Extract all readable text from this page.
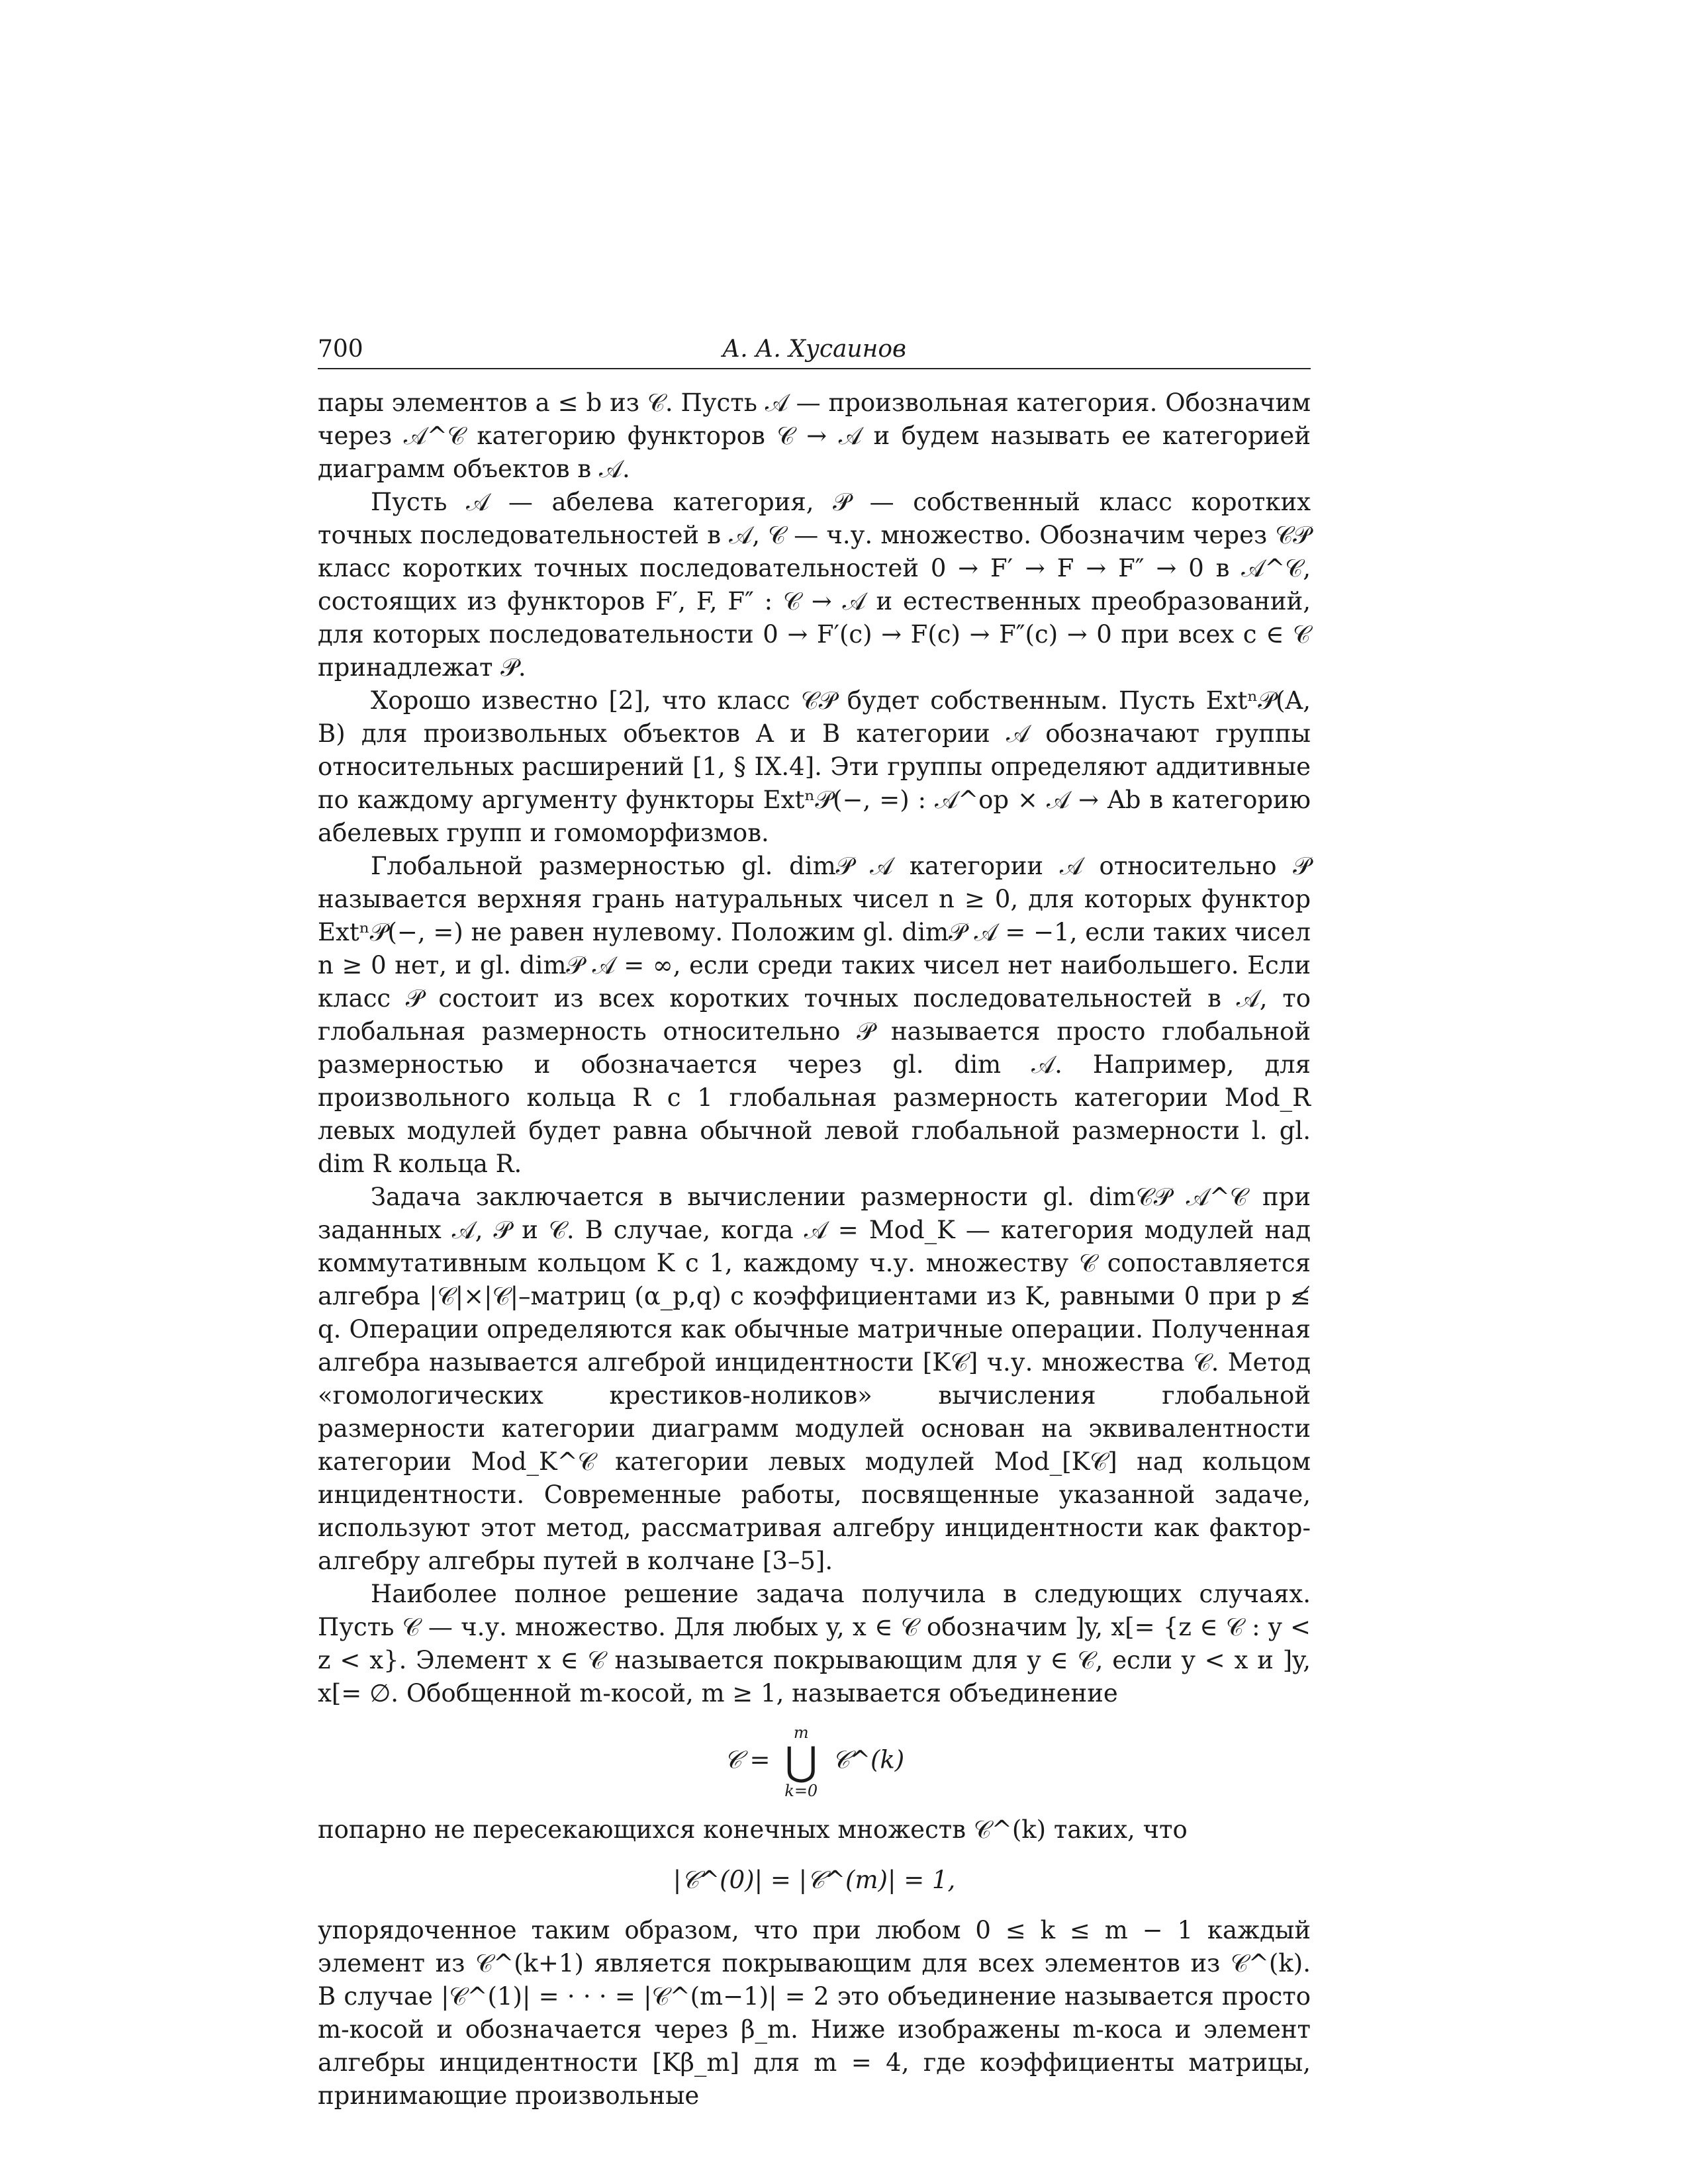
700	А. А. Хусаинов

пары элементов a ≤ b из 𝒞. Пусть 𝒜 — произвольная категория. Обозначим через 𝒜^𝒞 категорию функторов 𝒞 → 𝒜 и будем называть ее категорией диаграмм объектов в 𝒜.

Пусть 𝒜 — абелева категория, 𝒫 — собственный класс коротких точных последовательностей в 𝒜, 𝒞 — ч.у. множество. Обозначим через 𝒞𝒫 класс коротких точных последовательностей 0 → F′ → F → F″ → 0 в 𝒜^𝒞, состоящих из функторов F′, F, F″ : 𝒞 → 𝒜 и естественных преобразований, для которых последовательности 0 → F′(c) → F(c) → F″(c) → 0 при всех c ∈ 𝒞 принадлежат 𝒫.

Хорошо известно [2], что класс 𝒞𝒫 будет собственным. Пусть Extⁿ𝒫(A, B) для произвольных объектов A и B категории 𝒜 обозначают группы относительных расширений [1, § IX.4]. Эти группы определяют аддитивные по каждому аргументу функторы Extⁿ𝒫(−, =) : 𝒜^op × 𝒜 → Ab в категорию абелевых групп и гомоморфизмов.

Глобальной размерностью gl. dim𝒫 𝒜 категории 𝒜 относительно 𝒫 называется верхняя грань натуральных чисел n ≥ 0, для которых функтор Extⁿ𝒫(−, =) не равен нулевому. Положим gl. dim𝒫 𝒜 = −1, если таких чисел n ≥ 0 нет, и gl. dim𝒫 𝒜 = ∞, если среди таких чисел нет наибольшего. Если класс 𝒫 состоит из всех коротких точных последовательностей в 𝒜, то глобальная размерность относительно 𝒫 называется просто глобальной размерностью и обозначается через gl. dim 𝒜. Например, для произвольного кольца R с 1 глобальная размерность категории Mod_R левых модулей будет равна обычной левой глобальной размерности l. gl. dim R кольца R.

Задача заключается в вычислении размерности gl. dim𝒞𝒫 𝒜^𝒞 при заданных 𝒜, 𝒫 и 𝒞. В случае, когда 𝒜 = Mod_K — категория модулей над коммутативным кольцом K с 1, каждому ч.у. множеству 𝒞 сопоставляется алгебра |𝒞|×|𝒞|–матриц (α_p,q) с коэффициентами из K, равными 0 при p ≰ q. Операции определяются как обычные матричные операции. Полученная алгебра называется алгеброй инцидентности [K𝒞] ч.у. множества 𝒞. Метод «гомологических крестиков-ноликов» вычисления глобальной размерности категории диаграмм модулей основан на эквивалентности категории Mod_K^𝒞 категории левых модулей Mod_[K𝒞] над кольцом инцидентности. Современные работы, посвященные указанной задаче, используют этот метод, рассматривая алгебру инцидентности как фактор-алгебру алгебры путей в колчане [3–5].

Наиболее полное решение задача получила в следующих случаях. Пусть 𝒞 — ч.у. множество. Для любых y, x ∈ 𝒞 обозначим ]y, x[= {z ∈ 𝒞 : y < z < x}. Элемент x ∈ 𝒞 называется покрывающим для y ∈ 𝒞, если y < x и ]y, x[= ∅. Обобщенной m-косой, m ≥ 1, называется объединение

𝒞 =
m
⋃
k=0
𝒞^(k)

попарно не пересекающихся конечных множеств 𝒞^(k) таких, что

|𝒞^(0)| = |𝒞^(m)| = 1,

упорядоченное таким образом, что при любом 0 ≤ k ≤ m − 1 каждый элемент из 𝒞^(k+1) является покрывающим для всех элементов из 𝒞^(k). В случае |𝒞^(1)| = · · · = |𝒞^(m−1)| = 2 это объединение называется просто m-косой и обозначается через β_m. Ниже изображены m-коса и элемент алгебры инцидентности [Kβ_m] для m = 4, где коэффициенты матрицы, принимающие произвольные
